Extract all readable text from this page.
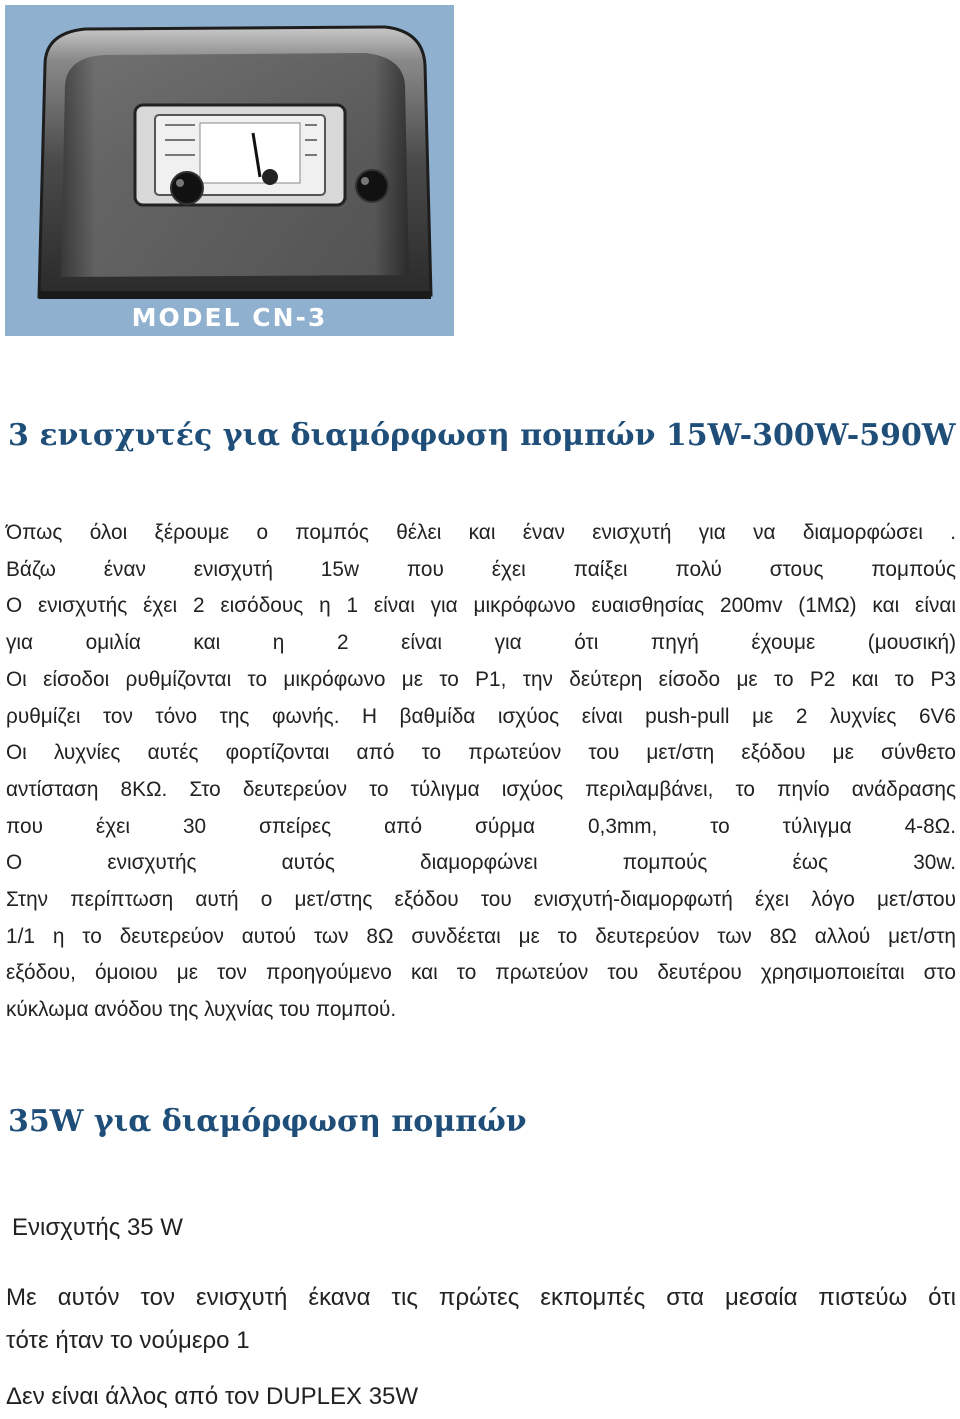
MODEL CN-3
3 ενισχυτές για διαμόρφωση πομπών 15W-300W-590W
Όπως όλοι ξέρουμε ο πομπός θέλει και έναν ενισχυτή για να διαμορφώσει .
Βάζω έναν ενισχυτή 15w που έχει παίξει πολύ στους πομπούς
Ο ενισχυτής έχει 2 εισόδους η 1 είναι για μικρόφωνο ευαισθησίας 200mv (1ΜΩ) και είναι
για ομιλία και η 2 είναι για ότι πηγή έχουμε (μουσική)
Οι είσοδοι ρυθμίζονται το μικρόφωνο με το P1, την δεύτερη είσοδο με το P2 και το P3
ρυθμίζει τον τόνο της φωνής. Η βαθμίδα ισχύος είναι push-pull με 2 λυχνίες 6V6
Οι λυχνίες αυτές φορτίζονται από το πρωτεύον του μετ/στη εξόδου με σύνθετο
αντίσταση 8ΚΩ. Στο δευτερεύον το τύλιγμα ισχύος περιλαμβάνει, το πηνίο ανάδρασης
που έχει 30 σπείρες από σύρμα 0,3mm, το τύλιγμα 4-8Ω.
Ο ενισχυτής αυτός διαμορφώνει πομπούς έως 30w.
Στην περίπτωση αυτή ο μετ/στης εξόδου του ενισχυτή-διαμορφωτή έχει λόγο μετ/στου
1/1 η το δευτερεύον αυτού των 8Ω συνδέεται με το δευτερεύον των 8Ω αλλού μετ/στη
εξόδου, όμοιου με τον προηγούμενο και το πρωτεύον του δευτέρου χρησιμοποιείται στο
κύκλωμα ανόδου της λυχνίας του πομπού.
35W για διαμόρφωση πομπών

Ενισχυτής 35 W

Με αυτόν τον ενισχυτή έκανα τις πρώτες εκπομπές στα μεσαία πιστεύω ότι
τότε ήταν το νούμερο 1

Δεν είναι άλλος από τον DUPLEX 35W
